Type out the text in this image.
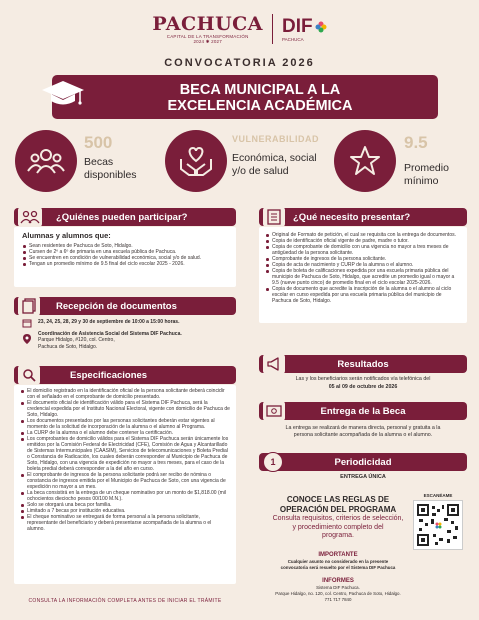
PACHUCA
CAPITAL DE LA TRANSFORMACIÓN
2024 ✱ 2027
DIF
PACHUCA
CONVOCATORIA 2026
BECA MUNICIPAL A LA
EXCELENCIA ACADÉMICA
500
Becas
disponibles
VULNERABILIDAD
Económica, social
y/o de salud
9.5
Promedio
mínimo
¿Quiénes pueden participar?
Alumnas y alumnos que:
Sean residentes de Pachuca de Soto, Hidalgo.
Cursen de 2º a 6º de primaria en una escuela pública de Pachuca.
Se encuentren en condición de vulnerabilidad económica, social y/o de salud.
Tengan un promedio mínimo de 9.5 final del ciclo escolar 2025 - 2026.
Recepción de documentos
23, 24, 25, 28, 29 y 30 de septiembre de 10:00 a 15:00 horas.
Coordinación de Asistencia Social del Sistema DIF Pachuca.
Parque Hidalgo, #120, col. Centro,
Pachuca de Soto, Hidalgo.
Especificaciones
El domicilio registrado en la identificación oficial de la persona solicitante deberá coincidir con el señalado en el comprobante de domicilio presentado.
El documento oficial de identificación válido para el Sistema DIF Pachuca, será la credencial expedida por el Instituto Nacional Electoral, vigente con domicilio de Pachuca de Soto, Hidalgo.
Los documentos presentados por las personas solicitantes deberán estar vigentes al momento de la solicitud de incorporación de la alumna o el alumno al Programa.
La CURP de la alumna o el alumno debe contener la certificación.
Los comprobantes de domicilio válidos para el Sistema DIF Pachuca serán únicamente los emitidos por la Comisión Federal de Electricidad (CFE), Comisión de Agua y Alcantarillado de Sistemas Intermunicipales (CAASIM), Servicios de telecomunicaciones y Boleta Predial o Constancia de Radicación, los cuales deberán corresponder al Municipio de Pachuca de Soto, Hidalgo, con una vigencia de expedición no mayor a tres meses, para el caso de la boleta predial deberá corresponder a la del año en curso.
El comprobante de ingresos de la persona solicitante podrá ser recibo de nómina o constancia de ingresos emitida por el Municipio de Pachuca de Soto, con una vigencia de expedición no mayor a un mes.
La beca consistirá en la entrega de un cheque nominativo por un monto de $1,818.00 (mil ochocientos dieciocho pesos 00/100 M.N.).
Solo se otorgará una beca por familia.
Limitado a 7 becas por institución educativa.
El cheque nominativo se entregará de forma personal a la persona solicitante, representante del beneficiario y deberá presentarse acompañada de la alumna o el alumno.
¿Qué necesito presentar?
Original de Formato de petición, el cual se requisita con la entrega de documentos.
Copia de identificación oficial vigente de padre, madre o tutor.
Copia de comprobante de domicilio con una vigencia no mayor a tres meses de antigüedad de la persona solicitante.
Comprobante de ingresos de la persona solicitante.
Copia de acta de nacimiento y CURP de la alumna o el alumno.
Copia de boleta de calificaciones expedida por una escuela primaria pública del municipio de Pachuca de Soto, Hidalgo, que acredite un promedio igual o mayor a 9.5 (nueve punto cinco) de promedio final en el ciclo escolar 2025-2026.
Copia de documento que acredite la inscripción de la alumna o el alumno al ciclo escolar en curso expedida por una escuela primaria pública del municipio de Pachuca de Soto, Hidalgo.
Resultados
Las y los beneficiarios serán notificados vía telefónica del
05 al 09 de octubre de 2026
Entrega de la Beca
La entrega se realizará de manera directa, personal y gratuita a la
persona solicitante acompañada de la alumna o el alumno.
Periodicidad
1
ENTREGA ÚNICA
CONOCE LAS REGLAS DE
OPERACIÓN DEL PROGRAMA
Consulta requisitos, criterios de selección,
y procedimiento completo del
programa.
ESCANÉAME
IMPORTANTE
Cualquier asunto no considerado en la presente
convocatoria será resuelto por el Sistema DIF Pachuca
INFORMES
Sistema DIF Pachuca.
Parque Hidalgo, no. 120, col. Centro, Pachuca de Soto, Hidalgo.
771 717 7840
CONSULTA LA INFORMACIÓN COMPLETA ANTES DE INICIAR EL TRÁMITE
